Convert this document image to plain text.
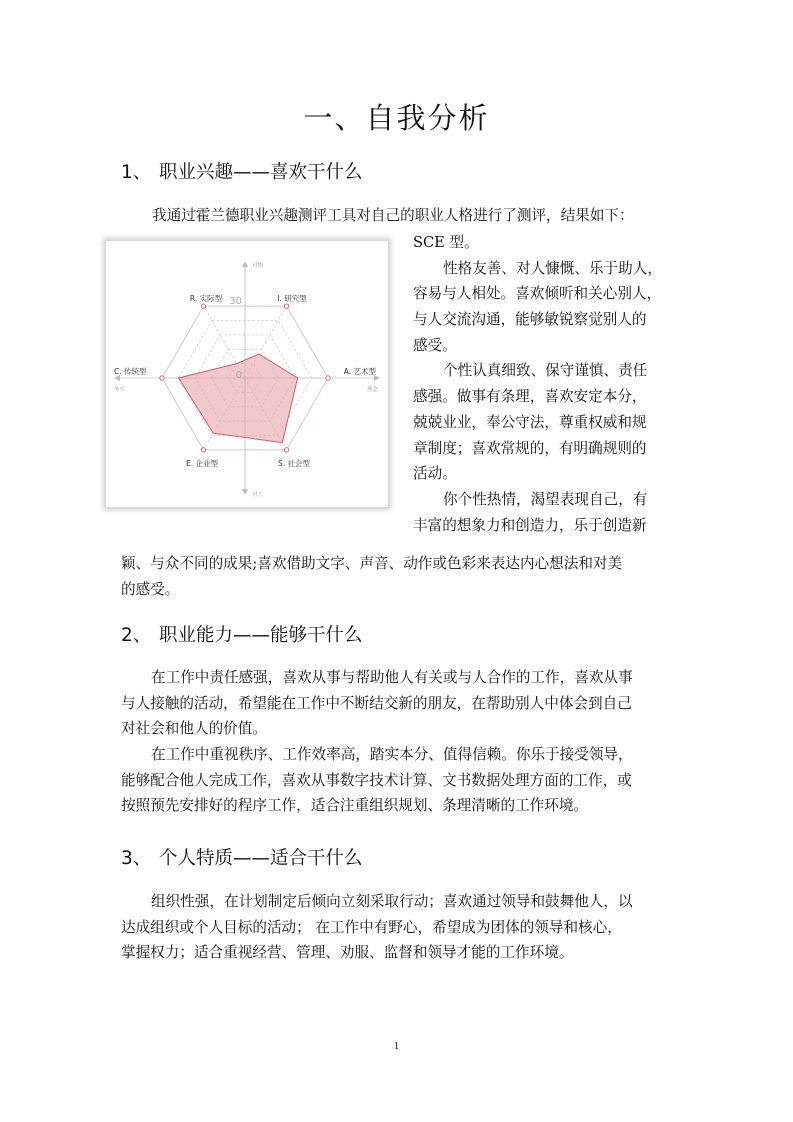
一、自我分析
1、 职业兴趣——喜欢干什么
我通过霍兰德职业兴趣测评工具对自己的职业人格进行了测评，结果如下：
30
0
R. 实际型	I. 研究型
A. 艺术型
S. 社会型
E. 企业型
C. 传统型
对物
对人
务实	理念
SCE 型。
性格友善、对人慷慨、乐于助人，
容易与人相处。喜欢倾听和关心别人，
与人交流沟通，能够敏锐察觉别人的
感受。
个性认真细致、保守谨慎、责任
感强。做事有条理，喜欢安定本分，
兢兢业业，奉公守法，尊重权威和规
章制度；喜欢常规的，有明确规则的
活动。
你个性热情，渴望表现自己，有
丰富的想象力和创造力，乐于创造新
颖、与众不同的成果;喜欢借助文字、声音、动作或色彩来表达内心想法和对美
的感受。
2、 职业能力——能够干什么
在工作中责任感强，喜欢从事与帮助他人有关或与人合作的工作，喜欢从事
与人接触的活动，希望能在工作中不断结交新的朋友，在帮助别人中体会到自己
对社会和他人的价值。
在工作中重视秩序、工作效率高，踏实本分、值得信赖。你乐于接受领导，
能够配合他人完成工作，喜欢从事数字技术计算、文书数据处理方面的工作，或
按照预先安排好的程序工作，适合注重组织规划、条理清晰的工作环境。
3、 个人特质——适合干什么
组织性强，在计划制定后倾向立刻采取行动；喜欢通过领导和鼓舞他人，以
达成组织或个人目标的活动； 在工作中有野心，希望成为团体的领导和核心，
掌握权力；适合重视经营、管理、劝服、监督和领导才能的工作环境。
1
